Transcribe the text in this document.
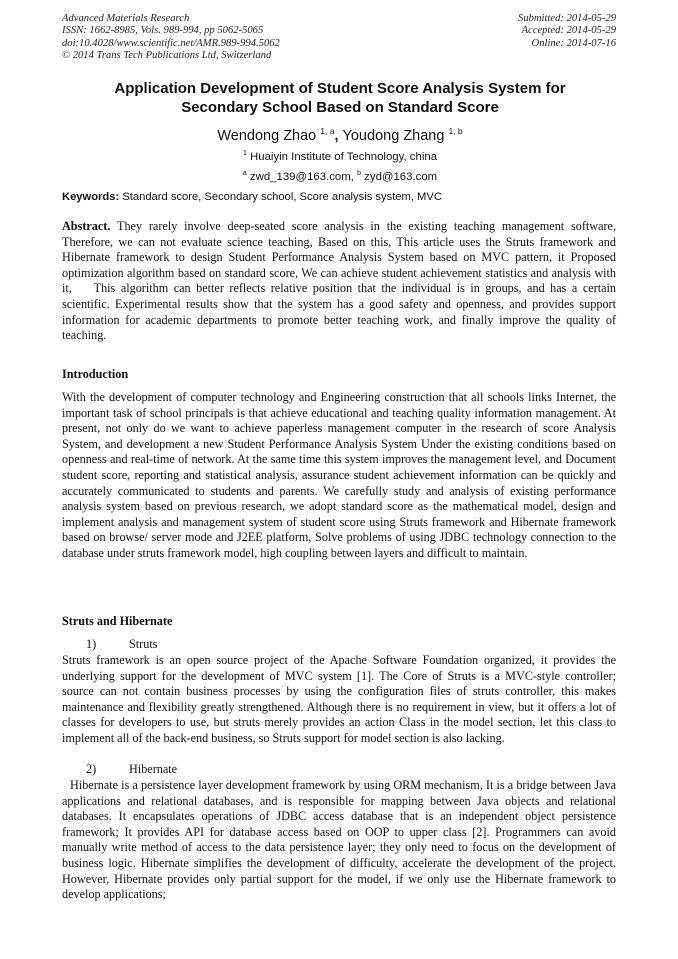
Advanced Materials Research
ISSN: 1662-8985, Vols. 989-994, pp 5062-5065
doi:10.4028/www.scientific.net/AMR.989-994.5062
© 2014 Trans Tech Publications Ltd, Switzerland
Submitted: 2014-05-29
Accepted: 2014-05-29
Online: 2014-07-16
Application Development of Student Score Analysis System for
Secondary School Based on Standard Score
Wendong Zhao $^{1, a}$, Youdong Zhang $^{1, b}$
$^1$ Huaiyin Institute of Technology, china
$^a$ zwd_139@163.com, $^b$ zyd@163.com
Keywords: Standard score, Secondary school, Score analysis system, MVC
Abstract. They rarely involve deep-seated score analysis in the existing teaching management software, Therefore, we can not evaluate science teaching, Based on this, This article uses the Struts framework and Hibernate framework to design Student Performance Analysis System based on MVC pattern, it Proposed optimization algorithm based on standard score, We can achieve student achievement statistics and analysis with it,    This algorithm can better reflects relative position that the individual is in groups, and has a certain scientific. Experimental results show that the system has a good safety and openness, and provides support information for academic departments to promote better teaching work, and finally improve the quality of teaching.
Introduction
With the development of computer technology and Engineering construction that all schools links Internet, the important task of school principals is that achieve educational and teaching quality information management. At present, not only do we want to achieve paperless management computer in the research of score Analysis System, and development a new Student Performance Analysis System Under the existing conditions based on openness and real-time of network. At the same time this system improves the management level, and Document student score, reporting and statistical analysis, assurance student achievement information can be quickly and accurately communicated to students and parents. We carefully study and analysis of existing performance analysis system based on previous research, we adopt standard score as the mathematical model, design and implement analysis and management system of student score using Struts framework and Hibernate framework based on browse/ server mode and J2EE platform, Solve problems of using JDBC technology connection to the database under struts framework model, high coupling between layers and difficult to maintain.
Struts and Hibernate
1)	Struts
Struts framework is an open source project of the Apache Software Foundation organized, it provides the underlying support for the development of MVC system [1]. The Core of Struts is a MVC-style controller; source can not contain business processes by using the configuration files of struts controller, this makes maintenance and flexibility greatly strengthened. Although there is no requirement in view, but it offers a lot of classes for developers to use, but struts merely provides an action Class in the model section, let this class to implement all of the back-end business, so Struts support for model section is also lacking.
2)	Hibernate
Hibernate is a persistence layer development framework by using ORM mechanism, It is a bridge between Java applications and relational databases, and is responsible for mapping between Java objects and relational databases. It encapsulates operations of JDBC access database that is an independent object persistence framework; It provides API for database access based on OOP to upper class [2]. Programmers can avoid manually write method of access to the data persistence layer; they only need to focus on the development of business logic. Hibernate simplifies the development of difficulty, accelerate the development of the project. However, Hibernate provides only partial support for the model, if we only use the Hibernate framework to develop applications;
